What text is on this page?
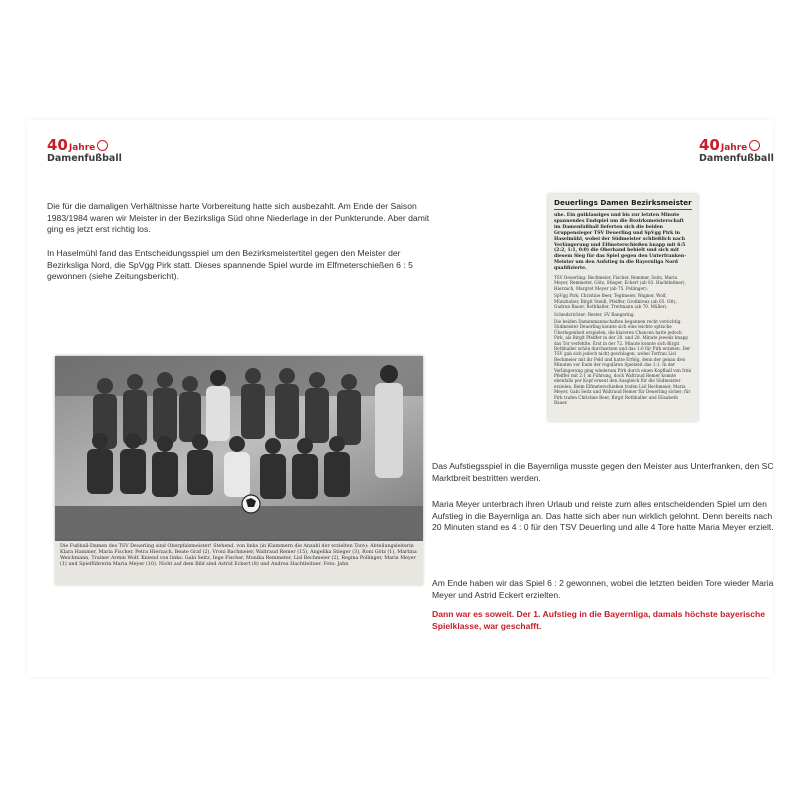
40 Jahre
Damenfußball
40 Jahre
Damenfußball

Die für die damaligen Verhältnisse harte Vorbereitung hatte sich ausbezahlt. Am Ende der Saison 1983/1984 waren wir Meister in der Bezirksliga Süd ohne Niederlage in der Punkterunde. Aber damit ging es jetzt erst richtig los.

In Haselmühl fand das Entscheidungsspiel um den Bezirksmeistertitel gegen den Meister der Bezirksliga Nord, die SpVgg Pirk statt. Dieses spannende Spiel wurde im Elfmeterschießen 6 : 5 gewonnen (siehe Zeitungsbericht).

Deuerlings Damen Bezirksmeister

uhe. Ein gutklassiges und bis zur letzten Minute spannendes Endspiel um die Bezirksmeisterschaft im Damenfußball lieferten sich die beiden Gruppensieger TSV Deuerling und SpVgg Pirk in Haselmühl, wobei der Südmeister schließlich nach Verlängerung und Elfmeterschießen knapp mit 6:5 (2:2, 1:1, 0:0) die Oberhand behielt und sich mit diesem Sieg für das Spiel gegen den Unterfranken-Meister um den Aufstieg in die Bayernliga Nord qualifizierte.

TSV Deuerling: Bechmeier, Fischer, Remmer, Seitz, Maria Meyer, Remmeter, Götz, Stieger, Eckert (ab 83. Hachtleitner), Hierzach, Margret Meyer (ab 75. Pollinger).

SpVgg Pirk: Christine Beer, Tegtmeier, Wagner, Wolf, Münzhuber, Birgit Steidl, Pfeiffer, Großkreuz (ab 65. Ott), Gudrun Bauer, Rothhaller, Treitmann (ab 70. Müller).

Schiedsrichter: Rester, SV Rangering.

Die beiden Damenmannschaften begannen recht vorsichtig. Südmeister Deuerling konnte sich eine leichte optische Überlegenheit erspielen, die klareren Chancen hatte jedoch Pirk, als Birgit Pfeiffer in der 20. und 28. Minute jeweils knapp das Tor verfehlte. Erst in der 72. Minute konnte sich Birgit Rothhaller schön durchsetzen und das 1:0 für Pirk erzielen. Der TSV gab sich jedoch nicht geschlagen, wobei Torfrau Lisl Bechmeier mit ihr Feld und hatte Erfolg, denn der genau drei Minuten vor Ende der regulären Spielzeit das 1:1. In der Verlängerung ging wiederum Pirk durch einen Kopfball von Irmi Pfeiffer mit 2:1 in Führung, doch Waltraud Remer konnte ebenfalls per Kopf erneut den Ausgleich für die Südmeister erzielen. Beim Elfmeterschießen trafen Lisl Bechmeier, Maria Meyer, Gabi Seitz und Waltraud Remer für Deuerling sicher; für Pirk trafen Christine Beer, Birgit Rothhaller und Elisabeth Bauer.

Die Fußball-Damen des TSV Deuerling sind Oberpfalzmeister! Stehend, von links (in Klammern die Anzahl der erzielten Tore): Abteilungsleiterin Klara Hammer, Maria Fischer, Petra Hierzach, Beate Graf (2), Vroni Bachmeier, Waltraud Remer (15), Angelika Stieger (3), Roni Götz (1), Martina Weichmann, Trainer Armin Wolf. Kniend von links: Gabi Seitz, Inge Fischer, Monika Remmeter, Lisl Bechmeier (2), Regina Pollinger, Maria Meyer (1) und Spielführerin Maria Meyer (10). Nicht auf dem Bild sind Astrid Eckert (8) und Andrea Hachtleitner. Foto: Jahn

Das Aufstiegsspiel in die Bayernliga musste gegen den Meister aus Unterfranken, den SC Marktbreit bestritten werden.

Maria Meyer unterbrach ihren Urlaub und reiste zum alles entscheidenden Spiel um den Aufstieg in die Bayernliga an. Das hatte sich aber nun wirklich gelohnt. Denn bereits nach 20 Minuten stand es 4 : 0 für den TSV Deuerling und alle 4 Tore hatte Maria Meyer erzielt.

Am Ende haben wir das Spiel 6 : 2 gewonnen, wobei die letzten beiden Tore wieder Maria Meyer und Astrid Eckert erzielten.

Dann war es soweit. Der 1. Aufstieg in die Bayernliga, damals höchste bayerische Spielklasse, war geschafft.
